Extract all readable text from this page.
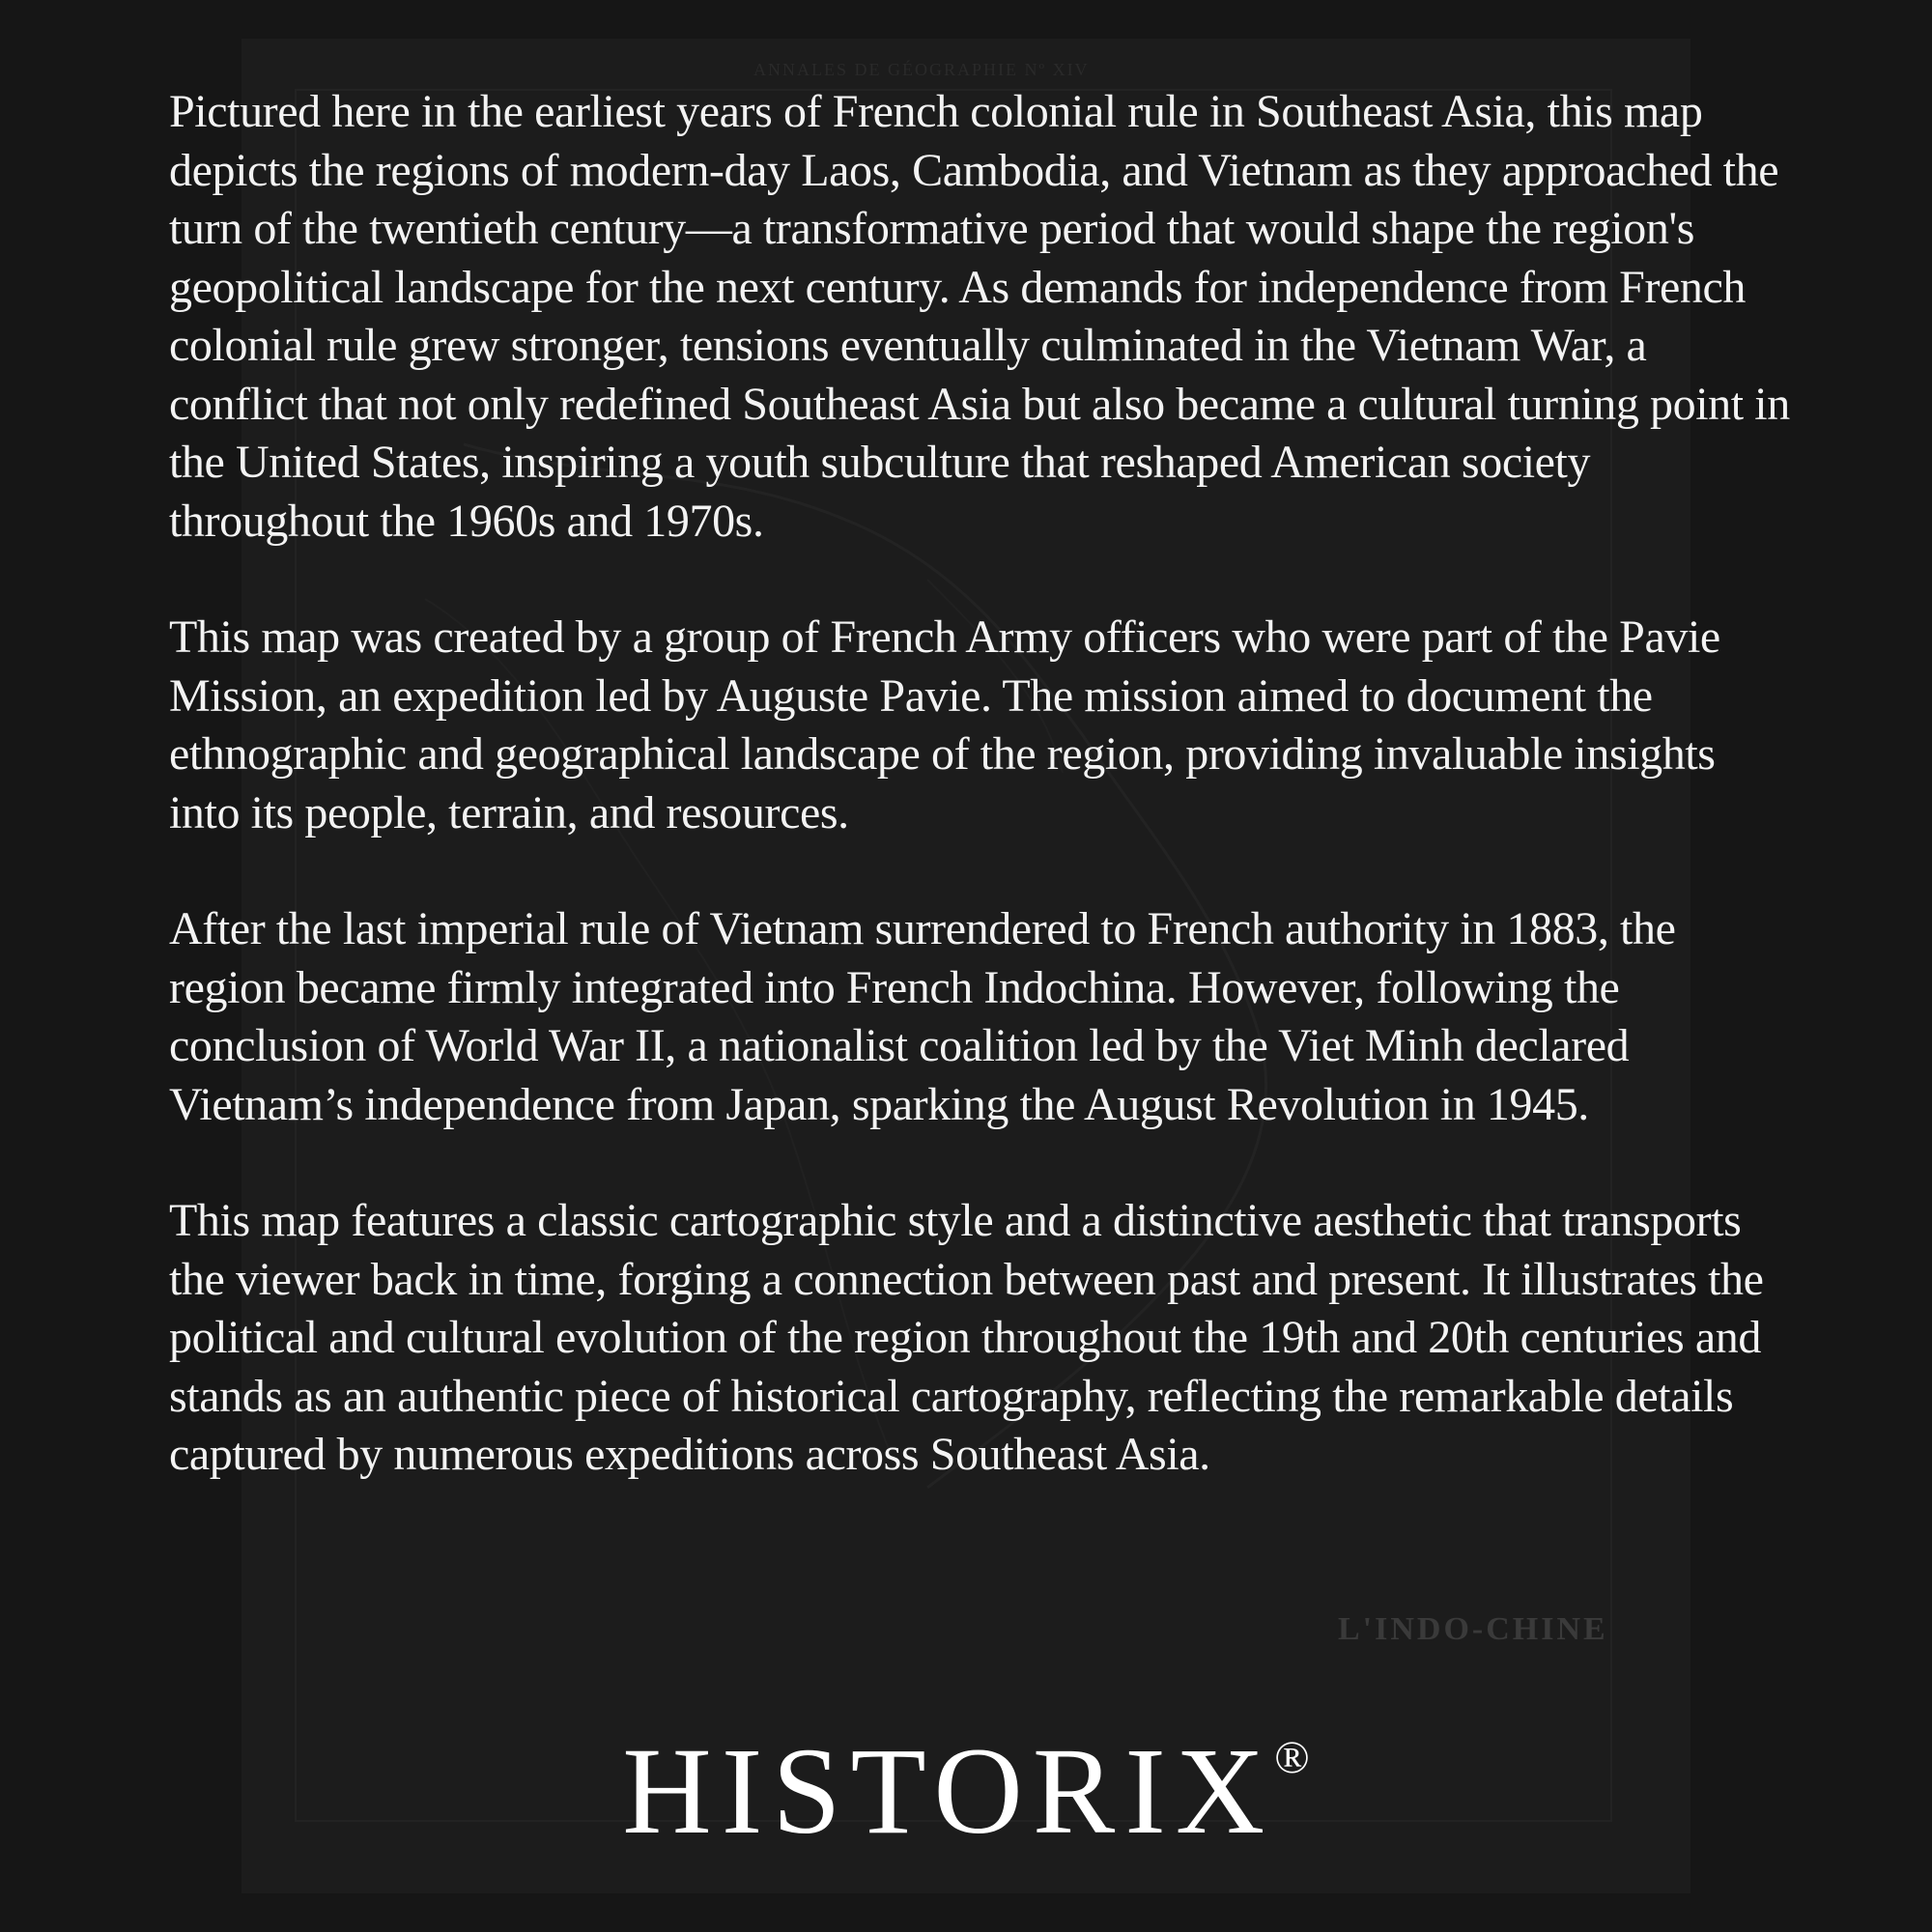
ANNALES DE GÉOGRAPHIE Nº XIV
L'INDO-CHINE

Pictured here in the earliest years of French colonial rule in Southeast Asia, this map depicts the regions of modern-day Laos, Cambodia, and Vietnam as they approached the turn of the twentieth century—a transformative period that would shape the region's geopolitical landscape for the next century. As demands for independence from French colonial rule grew stronger, tensions eventually culminated in the Vietnam War, a conflict that not only redefined Southeast Asia but also became a cultural turning point in the United States, inspiring a youth subculture that reshaped American society throughout the 1960s and 1970s.

This map was created by a group of French Army officers who were part of the Pavie Mission, an expedition led by Auguste Pavie. The mission aimed to document the ethnographic and geographical landscape of the region, providing invaluable insights into its people, terrain, and resources.

After the last imperial rule of Vietnam surrendered to French authority in 1883, the region became firmly integrated into French Indochina. However, following the conclusion of World War II, a nationalist coalition led by the Viet Minh declared Vietnam’s independence from Japan, sparking the August Revolution in 1945.

This map features a classic cartographic style and a distinctive aesthetic that transports the viewer back in time, forging a connection between past and present. It illustrates the political and cultural evolution of the region throughout the 19th and 20th centuries and stands as an authentic piece of historical cartography, reflecting the remarkable details captured by numerous expeditions across Southeast Asia.

HISTORIX®
